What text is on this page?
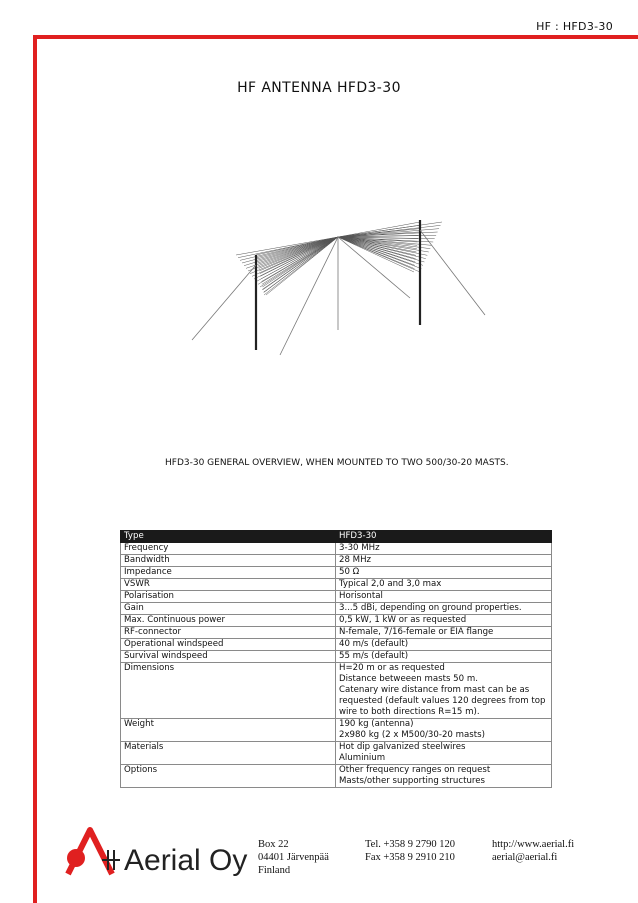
HF : HFD3-30
HF ANTENNA HFD3-30
HFD3-30 GENERAL OVERVIEW, WHEN MOUNTED TO TWO 500/30-20 MASTS.
Type	HFD3-30

Frequency	3-30 MHz

Bandwidth	28 MHz

Impedance	50 Ω

VSWR	Typical 2,0 and 3,0 max

Polarisation	Horisontal

Gain	3...5 dBi, depending on ground properties.

Max. Continuous power	0,5 kW, 1 kW or as requested

RF-connector	N-female, 7/16-female or EIA flange

Operational windspeed	40 m/s (default)

Survival windspeed	55 m/s (default)

Dimensions	H=20 m or as requested
Distance betweeen masts 50 m.
Catenary wire distance from mast can be as
requested (default values 120 degrees from top
wire to both directions R=15 m).

Weight	190 kg (antenna)
2x980 kg (2 x M500/30-20 masts)

Materials	Hot dip galvanized steelwires
Aluminium

Options	Other frequency ranges on request
Masts/other supporting structures
Aerial Oy Box 22
04401 Järvenpää
Finland
Tel. +358 9 2790 120
Fax +358 9 2910 210
http://www.aerial.fi
aerial@aerial.fi
